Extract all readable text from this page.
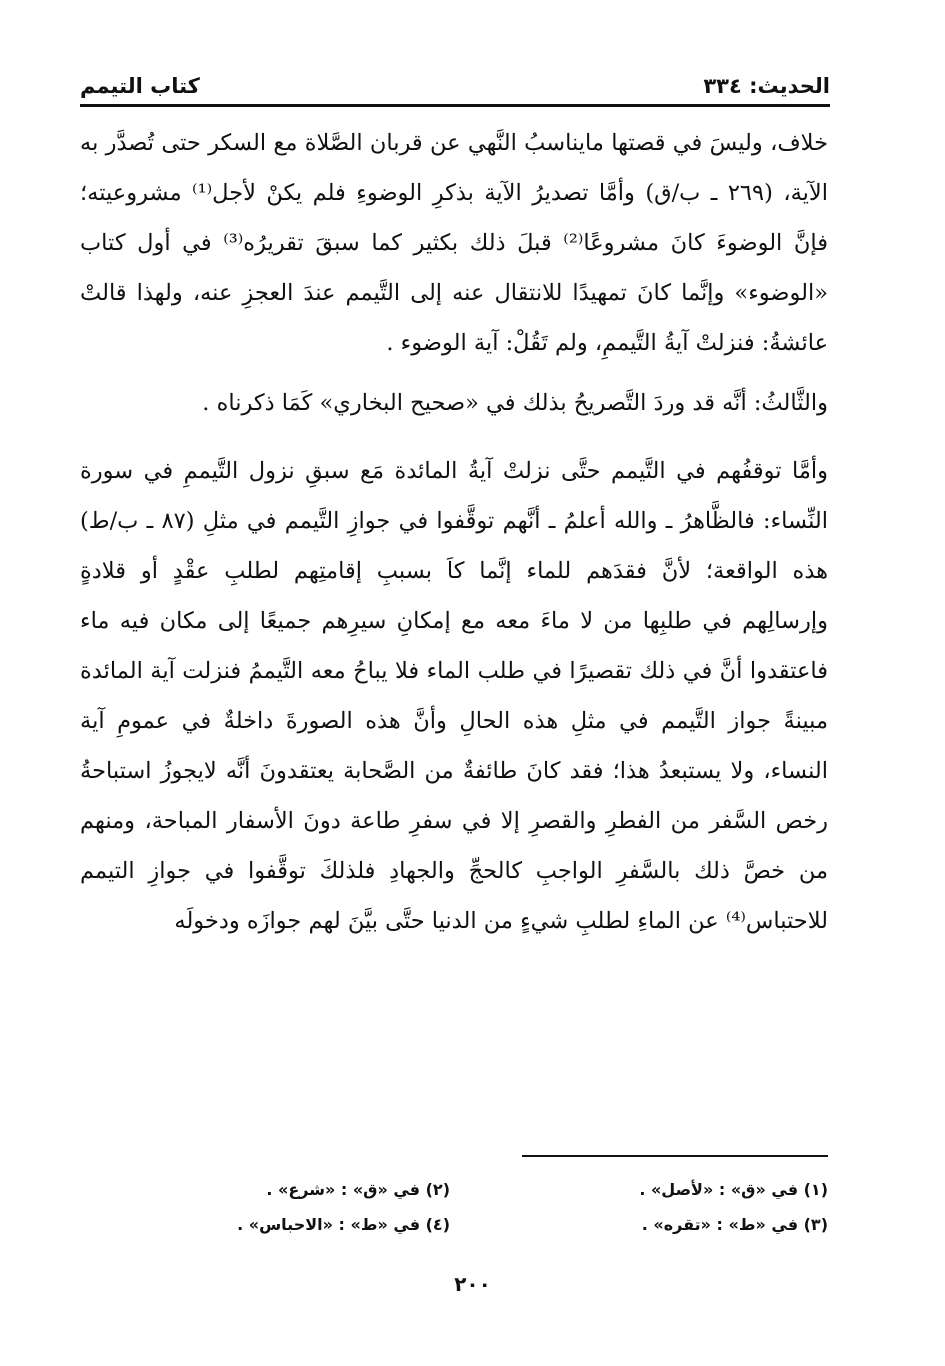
الحديث: ٣٣٤
كتاب التيمم

خلاف، وليسَ في قصتها مايناسبُ النَّهي عن قربان الصَّلاة مع السكر حتى تُصدَّر به الآية، (٢٦٩ ـ ب/ق) وأمَّا تصديرُ الآية بذكرِ الوضوءِ فلم يكنْ لأجل⁽¹⁾ مشروعيته؛ فإنَّ الوضوءَ كانَ مشروعًا⁽²⁾ قبلَ ذلك بكثير كما سبقَ تقريرُه⁽³⁾ في أول كتاب «الوضوء» وإنَّما كانَ تمهيدًا للانتقال عنه إلى التَّيمم عندَ العجزِ عنه، ولهذا قالتْ عائشةُ: فنزلتْ آيةُ التَّيممِ، ولم تَقُلْ: آية الوضوء .

والثَّالثُ: أنَّه قد وردَ التَّصريحُ بذلك في «صحيح البخاري» كَمَا ذكرناه .

وأمَّا توقفُهم في التَّيمم حتَّى نزلتْ آيةُ المائدة مَع سبقِ نزول التَّيممِ في سورة النِّساء: فالظَّاهرُ ـ والله أعلمُ ـ أنَّهم توقَّفوا في جوازِ التَّيمم في مثلِ (٨٧ ـ ب/ط) هذه الواقعة؛ لأنَّ فقدَهم للماء إنَّما كاَ بسببِ إقامتِهم لطلبِ عقْدٍ أو قلادةٍ وإرسالِهم في طلبِها من لا ماءَ معه مع إمكانِ سيرِهم جميعًا إلى مكان فيه ماء فاعتقدوا أنَّ في ذلك تقصيرًا في طلب الماء فلا يباحُ معه التَّيممُ فنزلت آية المائدة مبينةً جواز التَّيمم في مثلِ هذه الحالِ وأنَّ هذه الصورةَ داخلةٌ في عمومِ آية النساء، ولا يستبعدُ هذا؛ فقد كانَ طائفةٌ من الصَّحابة يعتقدونَ أنَّه لايجوزُ استباحةُ رخص السَّفر من الفطرِ والقصرِ إلا في سفرِ طاعة دونَ الأسفار المباحة، ومنهم من خصَّ ذلك بالسَّفرِ الواجبِ كالحجِّ والجهادِ فلذلكَ توقَّفوا في جوازِ التيمم للاحتباس⁽⁴⁾ عن الماءِ لطلبِ شيءٍ من الدنيا حتَّى بيَّنَ لهم جوازَه ودخولَه

(١) في «ق» : «لأصل» .
(٢) في «ق» : «شرع» .
(٣) في «ط» : «تقره» .
(٤) في «ط» : «الاحباس» .
٢٠٠
